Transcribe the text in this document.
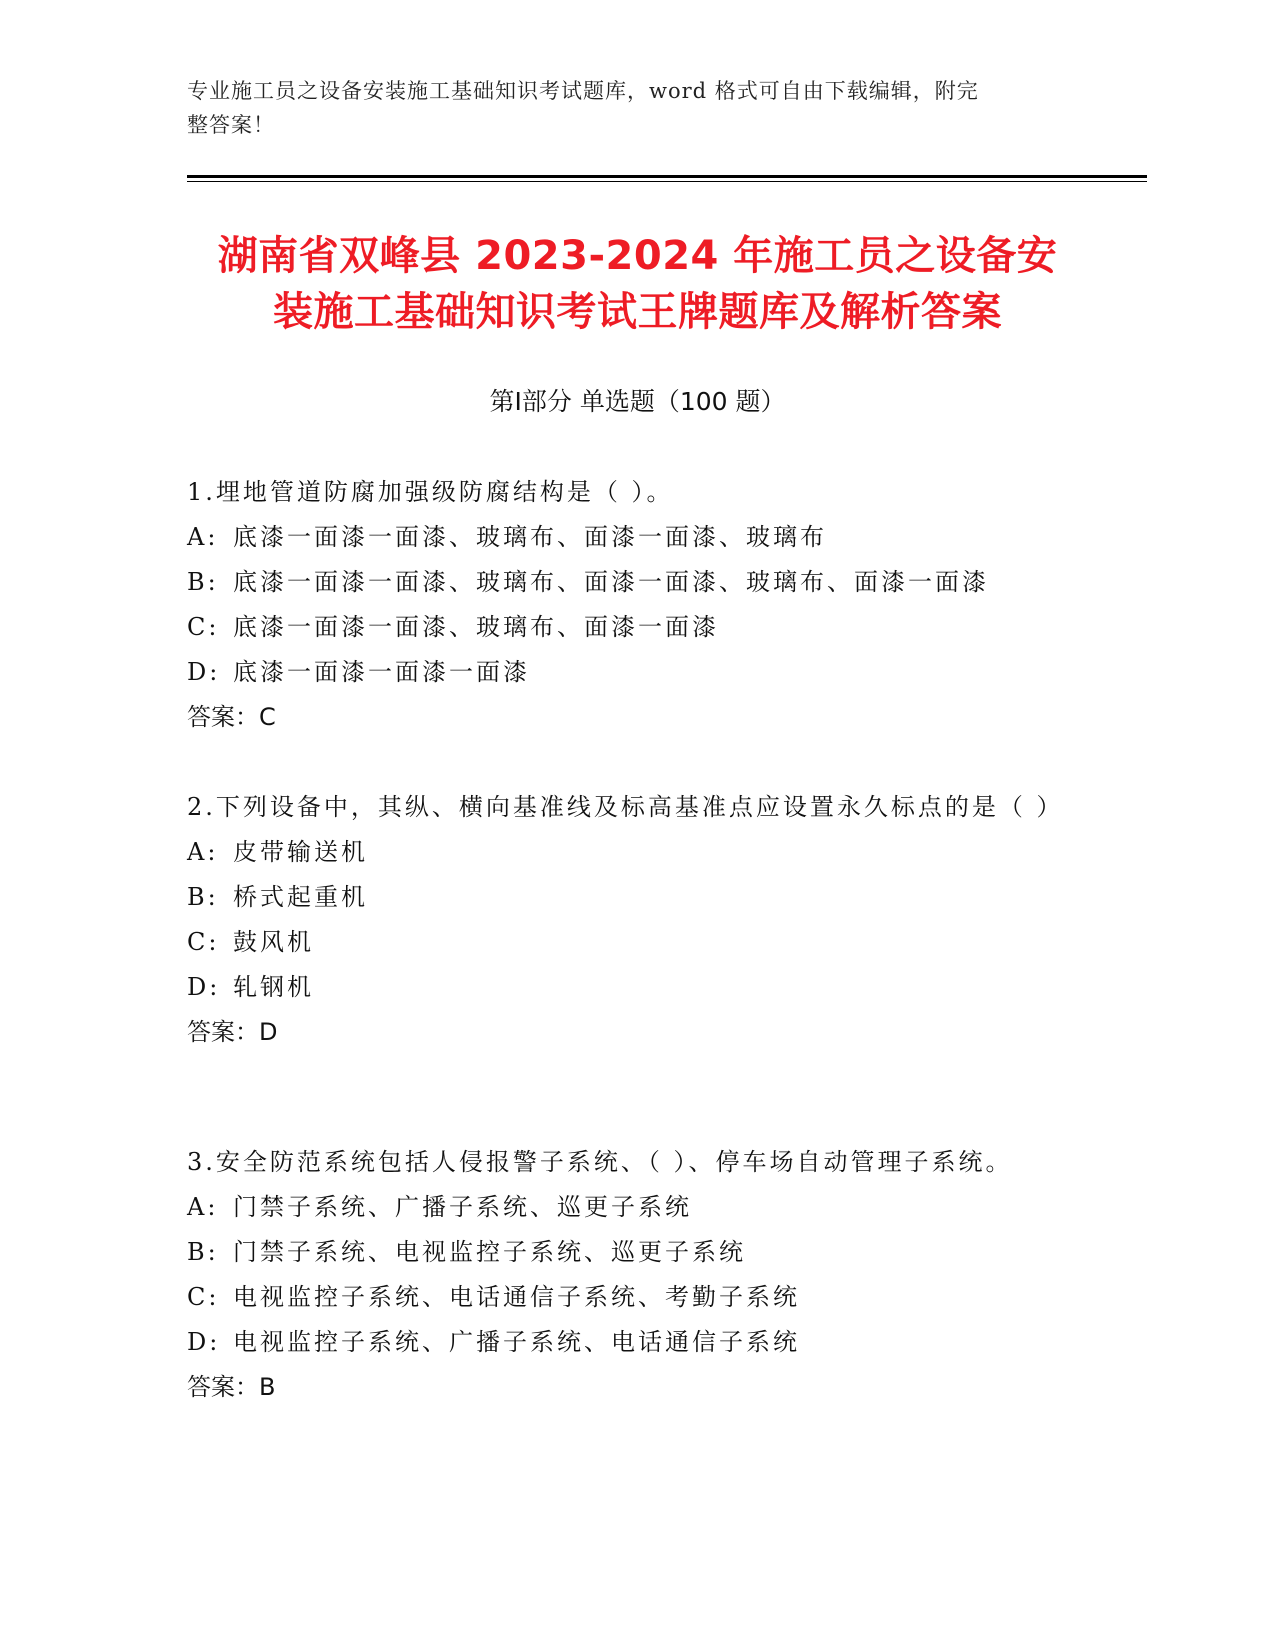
专业施工员之设备安装施工基础知识考试题库，word 格式可自由下载编辑，附完
整答案！
湖南省双峰县 2023-2024 年施工员之设备安
装施工基础知识考试王牌题库及解析答案
第Ⅰ部分 单选题（100 题）
1.埋地管道防腐加强级防腐结构是（ ）。
A: 底漆一面漆一面漆、玻璃布、面漆一面漆、玻璃布
B: 底漆一面漆一面漆、玻璃布、面漆一面漆、玻璃布、面漆一面漆
C: 底漆一面漆一面漆、玻璃布、面漆一面漆
D: 底漆一面漆一面漆一面漆
答案：C
2.下列设备中，其纵、横向基准线及标高基准点应设置永久标点的是（ ）
A: 皮带输送机
B: 桥式起重机
C: 鼓风机
D: 轧钢机
答案：D
3.安全防范系统包括人侵报警子系统、（ ）、停车场自动管理子系统。
A: 门禁子系统、广播子系统、巡更子系统
B: 门禁子系统、电视监控子系统、巡更子系统
C: 电视监控子系统、电话通信子系统、考勤子系统
D: 电视监控子系统、广播子系统、电话通信子系统
答案：B
